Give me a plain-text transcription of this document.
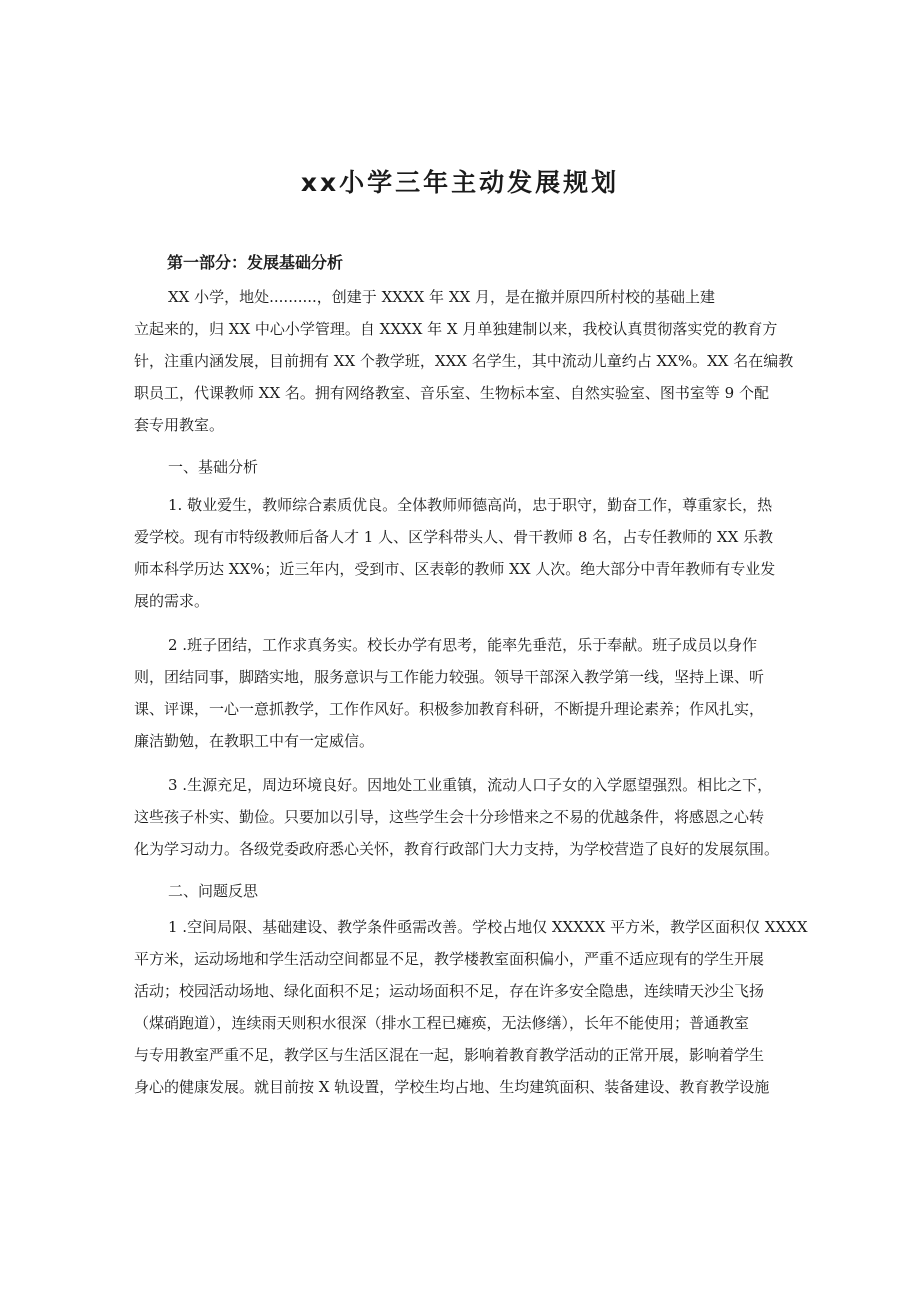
xx小学三年主动发展规划
第一部分：发展基础分析
XX 小学，地处..........，创建于 XXXX 年 XX 月，是在撤并原四所村校的基础上建
立起来的，归 XX 中心小学管理。自 XXXX 年 X 月单独建制以来，我校认真贯彻落实党的教育方
针，注重内涵发展，目前拥有 XX 个教学班，XXX 名学生，其中流动儿童约占 XX%。XX 名在编教
职员工，代课教师 XX 名。拥有网络教室、音乐室、生物标本室、自然实验室、图书室等 9 个配
套专用教室。
一、基础分析
1. 敬业爱生，教师综合素质优良。全体教师师德高尚，忠于职守，勤奋工作，尊重家长，热
爱学校。现有市特级教师后备人才 1 人、区学科带头人、骨干教师 8 名，占专任教师的 XX 乐教
师本科学历达 XX%；近三年内，受到市、区表彰的教师 XX 人次。绝大部分中青年教师有专业发
展的需求。
2 .班子团结，工作求真务实。校长办学有思考，能率先垂范，乐于奉献。班子成员以身作
则，团结同事，脚踏实地，服务意识与工作能力较强。领导干部深入教学第一线，坚持上课、听
课、评课，一心一意抓教学，工作作风好。积极参加教育科研，不断提升理论素养；作风扎实，
廉洁勤勉，在教职工中有一定威信。
3 .生源充足，周边环境良好。因地处工业重镇，流动人口子女的入学愿望强烈。相比之下，
这些孩子朴实、勤俭。只要加以引导，这些学生会十分珍惜来之不易的优越条件，将感恩之心转
化为学习动力。各级党委政府悉心关怀，教育行政部门大力支持，为学校营造了良好的发展氛围。
二、问题反思
1 .空间局限、基础建设、教学条件亟需改善。学校占地仅 XXXXX 平方米，教学区面积仅 XXXX
平方米，运动场地和学生活动空间都显不足，教学楼教室面积偏小，严重不适应现有的学生开展
活动；校园活动场地、绿化面积不足；运动场面积不足，存在许多安全隐患，连续晴天沙尘飞扬
（煤硝跑道），连续雨天则积水很深（排水工程已瘫痪，无法修缮），长年不能使用；普通教室
与专用教室严重不足，教学区与生活区混在一起，影响着教育教学活动的正常开展，影响着学生
身心的健康发展。就目前按 X 轨设置，学校生均占地、生均建筑面积、装备建设、教育教学设施
